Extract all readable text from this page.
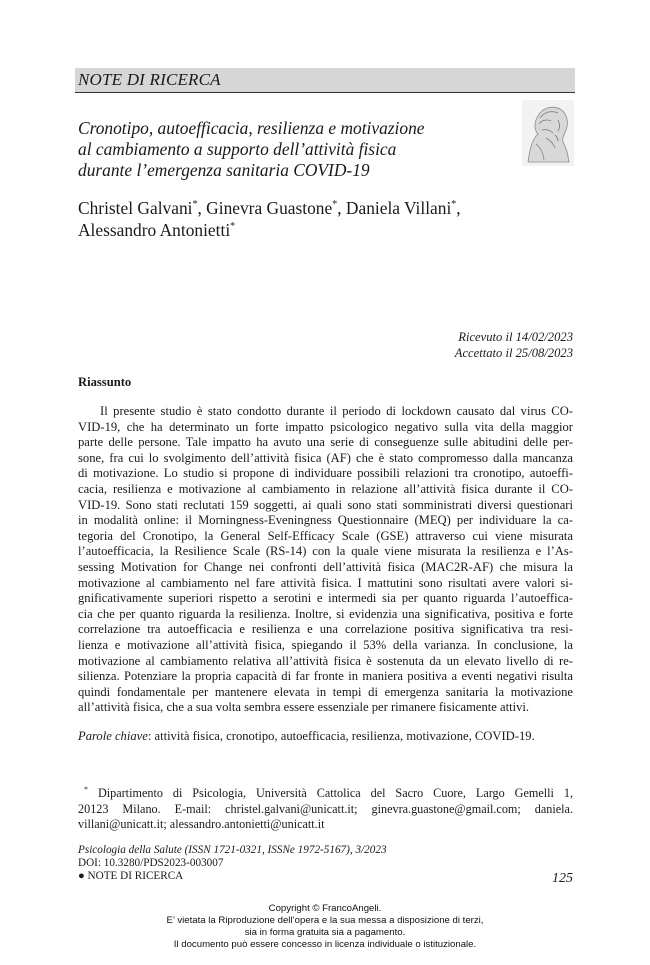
NOTE DI RICERCA
Cronotipo, autoefficacia, resilienza e motivazione
al cambiamento a supporto dell’attività fisica
durante l’emergenza sanitaria COVID-19
Christel Galvani*, Ginevra Guastone*, Daniela Villani*,
Alessandro Antonietti*
Ricevuto il 14/02/2023
Accettato il 25/08/2023
Riassunto
Il presente studio è stato condotto durante il periodo di lockdown causato dal virus CO-
VID-19, che ha determinato un forte impatto psicologico negativo sulla vita della maggior
parte delle persone. Tale impatto ha avuto una serie di conseguenze sulle abitudini delle per-
sone, fra cui lo svolgimento dell’attività fisica (AF) che è stato compromesso dalla mancanza
di motivazione. Lo studio si propone di individuare possibili relazioni tra cronotipo, autoeffi-
cacia, resilienza e motivazione al cambiamento in relazione all’attività fisica durante il CO-
VID-19. Sono stati reclutati 159 soggetti, ai quali sono stati somministrati diversi questionari
in modalità online: il Morningness-Eveningness Questionnaire (MEQ) per individuare la ca-
tegoria del Cronotipo, la General Self-Efficacy Scale (GSE) attraverso cui viene misurata
l’autoefficacia, la Resilience Scale (RS-14) con la quale viene misurata la resilienza e l’As-
sessing Motivation for Change nei confronti dell’attività fisica (MAC2R-AF) che misura la
motivazione al cambiamento nel fare attività fisica. I mattutini sono risultati avere valori si-
gnificativamente superiori rispetto a serotini e intermedi sia per quanto riguarda l’autoeffica-
cia che per quanto riguarda la resilienza. Inoltre, si evidenzia una significativa, positiva e forte
correlazione tra autoefficacia e resilienza e una correlazione positiva significativa tra resi-
lienza e motivazione all’attività fisica, spiegando il 53% della varianza. In conclusione, la
motivazione al cambiamento relativa all’attività fisica è sostenuta da un elevato livello di re-
silienza. Potenziare la propria capacità di far fronte in maniera positiva a eventi negativi risulta
quindi fondamentale per mantenere elevata in tempi di emergenza sanitaria la motivazione
all’attività fisica, che a sua volta sembra essere essenziale per rimanere fisicamente attivi.
Parole chiave: attività fisica, cronotipo, autoefficacia, resilienza, motivazione, COVID-19.
* Dipartimento di Psicologia, Università Cattolica del Sacro Cuore, Largo Gemelli 1,
20123 Milano. E-mail: christel.galvani@unicatt.it; ginevra.guastone@gmail.com; daniela.
villani@unicatt.it; alessandro.antonietti@unicatt.it
Psicologia della Salute (ISSN 1721-0321, ISSNe 1972-5167), 3/2023
DOI: 10.3280/PDS2023-003007
● NOTE DI RICERCA	125
Copyright © FrancoAngeli.
E’ vietata la Riproduzione dell’opera e la sua messa a disposizione di terzi,
sia in forma gratuita sia a pagamento.
Il documento può essere concesso in licenza individuale o istituzionale.
